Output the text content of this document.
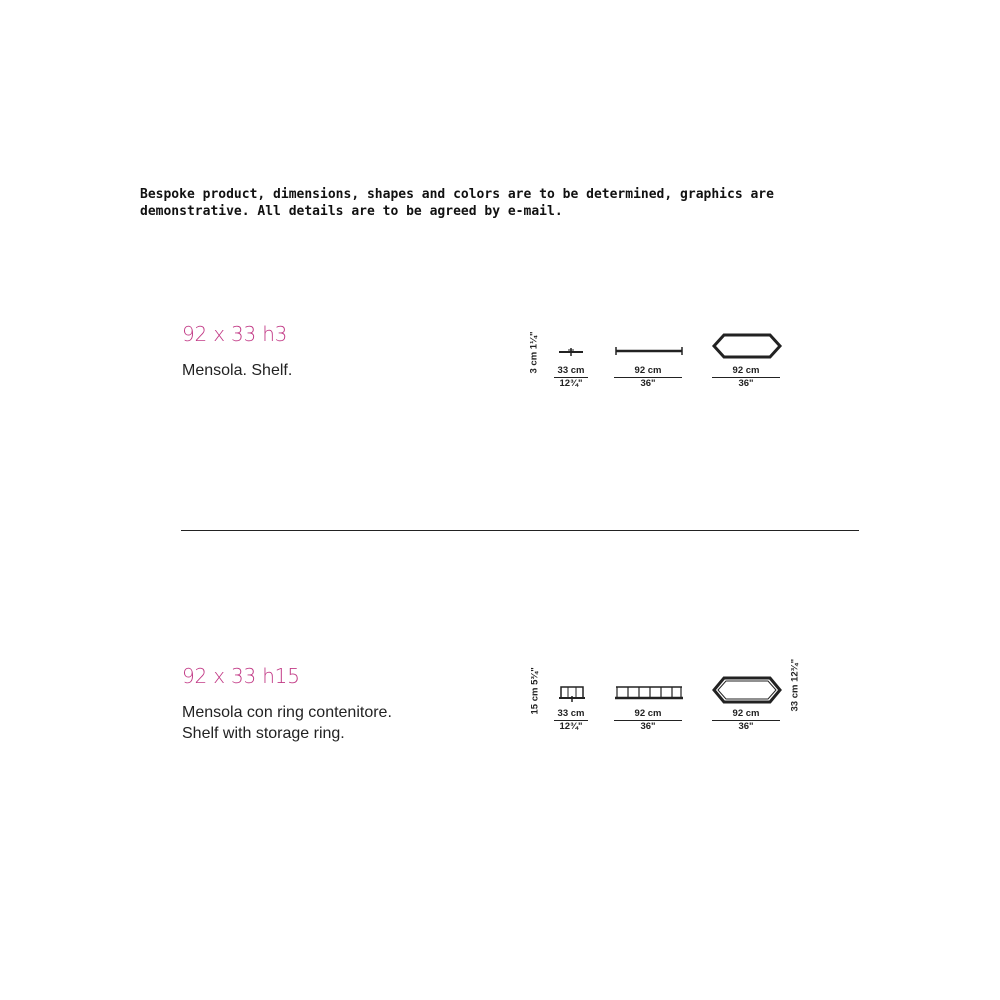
Bespoke product, dimensions, shapes and colors are to be determined, graphics are
demonstrative. All details are to be agreed by e-mail.
92 x 33 h3
Mensola. Shelf.	3 cm 1¼"
33 cm
12¾"
92 cm
36"
92 cm
36"
92 x 33 h15
Mensola con ring contenitore.
Shelf with storage ring.
15 cm 5¾"
33 cm
12¾"
92 cm
36"
92 cm
36"
33 cm 12¾"
